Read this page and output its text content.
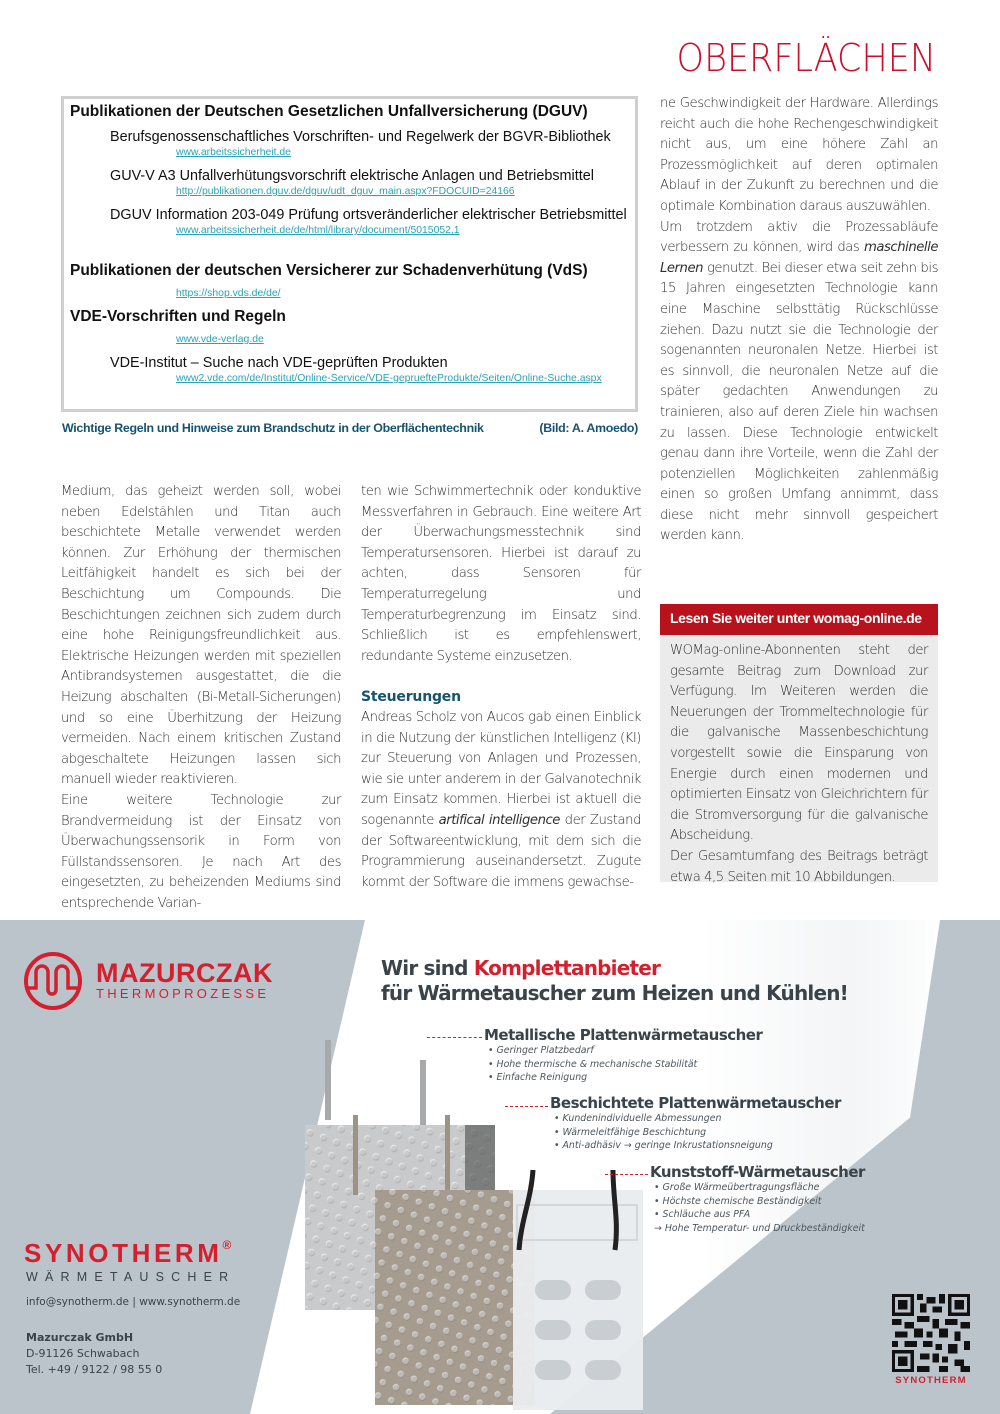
OBERFLÄCHEN
Publikationen der Deutschen Gesetzlichen Unfallversicherung (DGUV)
Berufsgenossenschaftliches Vorschriften- und Regelwerk der BGVR-Bibliothek
www.arbeitssicherheit.de
GUV-V A3 Unfallverhütungsvorschrift elektrische Anlagen und Betriebsmittel
http://publikationen.dguv.de/dguv/udt_dguv_main.aspx?FDOCUID=24166
DGUV Information 203-049 Prüfung ortsveränderlicher elektrischer Betriebsmittel
www.arbeitssicherheit.de/de/html/library/document/5015052,1
Publikationen der deutschen Versicherer zur Schadenverhütung (VdS)
https://shop.vds.de/de/
VDE-Vorschriften und Regeln
www.vde-verlag.de
VDE-Institut – Suche nach VDE-geprüften Produkten
www2.vde.com/de/Institut/Online-Service/VDE-gepruefteProdukte/Seiten/Online-Suche.aspx
Wichtige Regeln und Hinweise zum Brandschutz in der Oberflächentechnik	(Bild: A. Amoedo)

Medium, das geheizt werden soll, wobei neben Edelstählen und Titan auch beschichtete Metalle verwendet werden können. Zur Erhöhung der thermischen Leitfähigkeit handelt es sich bei der Beschichtung um Compounds. Die Beschichtungen zeichnen sich zudem durch eine hohe Reinigungsfreundlichkeit aus. Elektrische Heizungen werden mit speziellen Antibrandsystemen ausgestattet, die die Heizung abschalten (Bi-Metall-Sicherungen) und so eine Überhitzung der Heizung vermeiden. Nach einem kritischen Zustand abgeschaltete Heizungen lassen sich manuell wieder reaktivieren.

Eine weitere Technologie zur Brandvermeidung ist der Einsatz von Überwachungssensorik in Form von Füllstandssensoren. Je nach Art des eingesetzten, zu beheizenden Mediums sind entsprechende Varian-

ten wie Schwimmertechnik oder konduktive Messverfahren in Gebrauch. Eine weitere Art der Überwachungsmesstechnik sind Temperatursensoren. Hierbei ist darauf zu achten, dass Sensoren für Temperaturregelung und Temperaturbegrenzung im Einsatz sind. Schließlich ist es empfehlenswert, redundante Systeme einzusetzen.

Steuerungen

Andreas Scholz von Aucos gab einen Einblick in die Nutzung der künstlichen Intelligenz (KI) zur Steuerung von Anlagen und Prozessen, wie sie unter anderem in der Galvanotechnik zum Einsatz kommen. Hierbei ist aktuell die sogenannte artifical intelligence der Zustand der Softwareentwicklung, mit dem sich die Programmierung auseinandersetzt. Zugute kommt der Software die immens gewachse-

ne Geschwindigkeit der Hardware. Allerdings reicht auch die hohe Rechengeschwindigkeit nicht aus, um eine höhere Zahl an Prozessmöglichkeit auf deren optimalen Ablauf in der Zukunft zu berechnen und die optimale Kombination daraus auszuwählen.

Um trotzdem aktiv die Prozessabläufe verbessern zu können, wird das maschinelle Lernen genutzt. Bei dieser etwa seit zehn bis 15 Jahren eingesetzten Technologie kann eine Maschine selbsttätig Rückschlüsse ziehen. Dazu nutzt sie die Technologie der sogenannten neuronalen Netze. Hierbei ist es sinnvoll, die neuronalen Netze auf die später gedachten Anwendungen zu trainieren, also auf deren Ziele hin wachsen zu lassen. Diese Technologie entwickelt genau dann ihre Vorteile, wenn die Zahl der potenziellen Möglichkeiten zahlenmäßig einen so großen Umfang annimmt, dass diese nicht mehr sinnvoll gespeichert werden kann.

Lesen Sie weiter unter womag-online.de

WOMag-online-Abonnenten steht der gesamte Beitrag zum Download zur Verfügung. Im Weiteren werden die Neuerungen der Trommeltechnologie für die galvanische Massenbeschichtung vorgestellt sowie die Einsparung von Energie durch einen modernen und optimierten Einsatz von Gleichrichtern für die Stromversorgung für die galvanische Abscheidung.

Der Gesamtumfang des Beitrags beträgt etwa 4,5 Seiten mit 10 Abbildungen.

MAZURCZAK
THERMOPROZESSE
Wir sind Komplettanbieter
für Wärmetauscher zum Heizen und Kühlen!
Metallische Plattenwärmetauscher
• Geringer Platzbedarf
• Hohe thermische & mechanische Stabilität
• Einfache Reinigung
Beschichtete Plattenwärmetauscher
• Kundenindividuelle Abmessungen
• Wärmeleitfähige Beschichtung
• Anti-adhäsiv → geringe Inkrustationsneigung
Kunststoff-Wärmetauscher
• Große Wärmeübertragungsfläche
• Höchste chemische Beständigkeit
• Schläuche aus PFA
→ Hohe Temperatur- und Druckbeständigkeit
SYNOTHERM®
WÄRMETAUSCHER
info@synotherm.de | www.synotherm.de
Mazurczak GmbH
D-91126 Schwabach
Tel. +49 / 9122 / 98 55 0
SYNOTHERM
